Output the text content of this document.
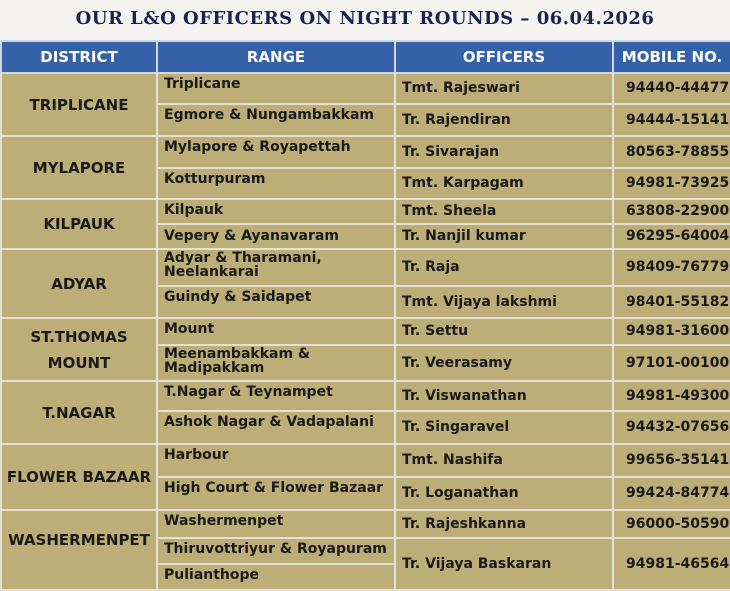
OUR L&O OFFICERS ON NIGHT ROUNDS – 06.04.2026
DISTRICT	RANGE	OFFICERS	MOBILE NO.
TRIPLICANE	Triplicane	Tmt. Rajeswari	94440-44477
	Egmore & Nungambakkam	Tr. Rajendiran	94444-15141
MYLAPORE	Mylapore & Royapettah	Tr. Sivarajan	80563-78855
	Kotturpuram	Tmt. Karpagam	94981-73925
KILPAUK	Kilpauk	Tmt. Sheela	63808-22900
	Vepery & Ayanavaram	Tr. Nanjil kumar	96295-64004
ADYAR	Adyar & Tharamani, Neelankarai	Tr. Raja	98409-76779
	Guindy & Saidapet	Tmt. Vijaya lakshmi	98401-55182
ST.THOMAS MOUNT	Mount	Tr. Settu	94981-31600
	Meenambakkam & Madipakkam	Tr. Veerasamy	97101-00100
T.NAGAR	T.Nagar & Teynampet	Tr. Viswanathan	94981-49300
	Ashok Nagar & Vadapalani	Tr. Singaravel	94432-07656
FLOWER BAZAAR	Harbour	Tmt. Nashifa	99656-35141
	High Court & Flower Bazaar	Tr. Loganathan	99424-84774
WASHERMENPET	Washermenpet	Tr. Rajeshkanna	96000-50590
	Thiruvottriyur & Royapuram	Tr. Vijaya Baskaran	94981-46564
	Pulianthope		
